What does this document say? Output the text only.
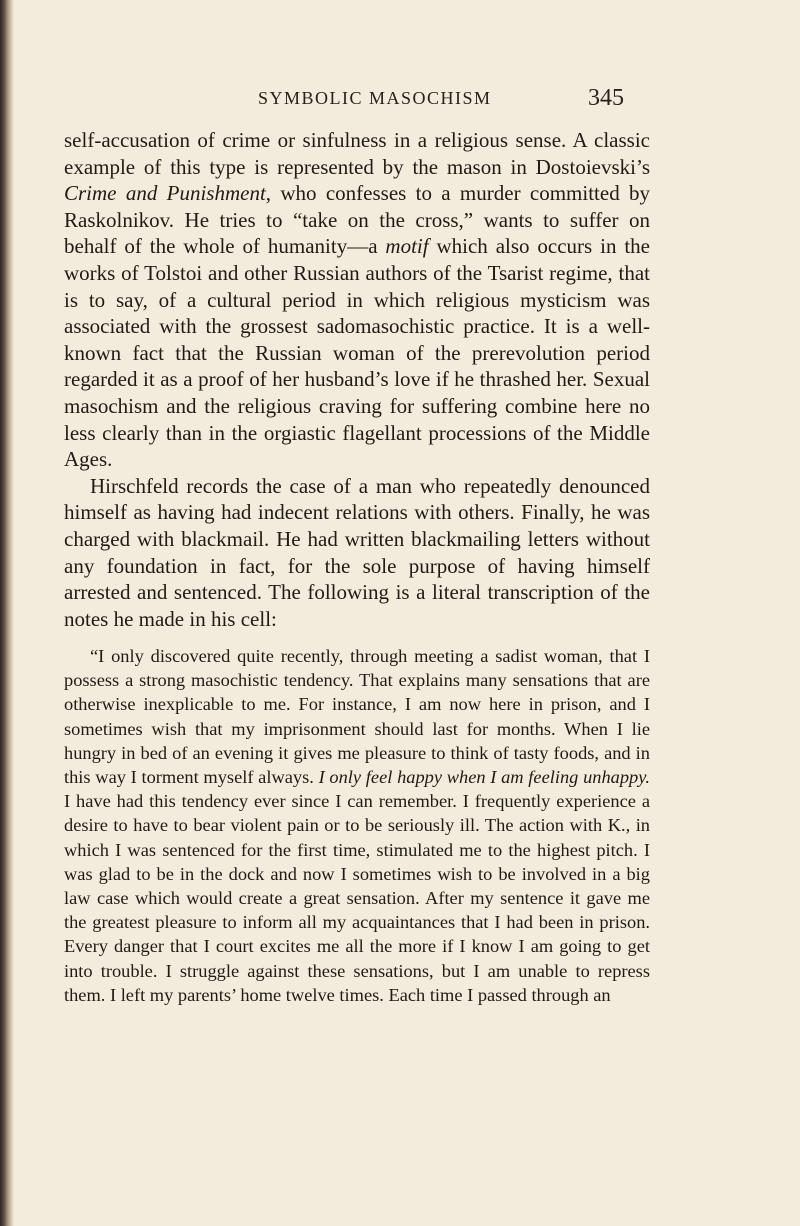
SYMBOLIC MASOCHISM	345

self-accusation of crime or sinfulness in a religious sense. A classic example of this type is represented by the mason in Dostoievski’s Crime and Punishment, who confesses to a murder committed by Raskolnikov. He tries to “take on the cross,” wants to suffer on behalf of the whole of humanity—a motif which also occurs in the works of Tolstoi and other Russian authors of the Tsarist regime, that is to say, of a cultural period in which religious mysticism was associated with the grossest sadomasochistic practice. It is a well-known fact that the Russian woman of the prerevolution period regarded it as a proof of her husband’s love if he thrashed her. Sexual masochism and the religious craving for suffering combine here no less clearly than in the orgiastic flagellant processions of the Middle Ages.

Hirschfeld records the case of a man who repeatedly denounced himself as having had indecent relations with others. Finally, he was charged with blackmail. He had written blackmailing letters without any foundation in fact, for the sole purpose of having himself arrested and sentenced. The following is a literal transcription of the notes he made in his cell:

“I only discovered quite recently, through meeting a sadist woman, that I possess a strong masochistic tendency. That explains many sensations that are otherwise inexplicable to me. For instance, I am now here in prison, and I sometimes wish that my imprisonment should last for months. When I lie hungry in bed of an evening it gives me pleasure to think of tasty foods, and in this way I torment myself always. I only feel happy when I am feeling unhappy. I have had this tendency ever since I can remember. I frequently experience a desire to have to bear violent pain or to be seriously ill. The action with K., in which I was sentenced for the first time, stimulated me to the highest pitch. I was glad to be in the dock and now I sometimes wish to be involved in a big law case which would create a great sensation. After my sentence it gave me the greatest pleasure to inform all my acquaintances that I had been in prison. Every danger that I court excites me all the more if I know I am going to get into trouble. I struggle against these sensations, but I am unable to repress them. I left my parents’ home twelve times. Each time I passed through an
